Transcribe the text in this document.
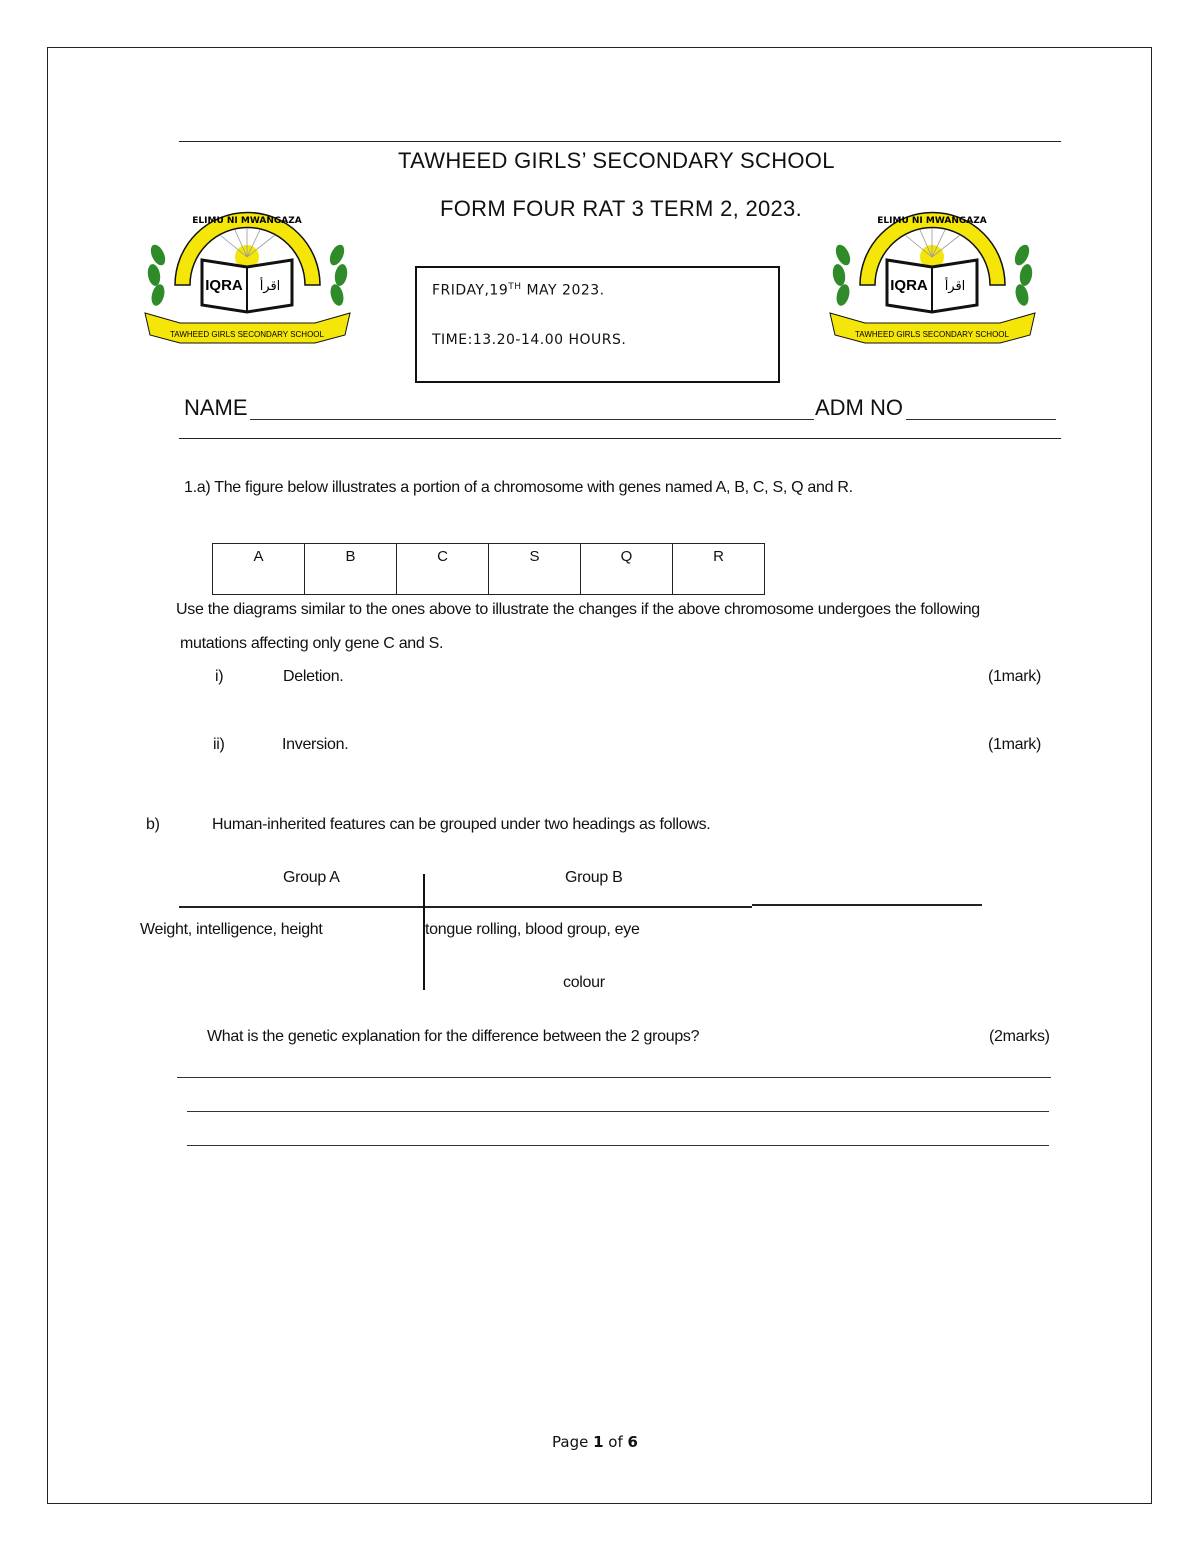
TAWHEED GIRLS’ SECONDARY SCHOOL
FORM FOUR RAT 3 TERM 2, 2023.
ELIMU NI MWANGAZA
IQRA اقرأ
TAWHEED GIRLS SECONDARY SCHOOL
ELIMU NI MWANGAZA
IQRA اقرأ
TAWHEED GIRLS SECONDARY SCHOOL
FRIDAY,19TH MAY 2023.
TIME:13.20-14.00 HOURS.
NAME	ADM NO
1.a) The figure below illustrates a portion of a chromosome with genes named A, B, C, S, Q and R.
A	B	C	S	Q	R
Use the diagrams similar to the ones above to illustrate the changes if the above chromosome undergoes the following
mutations affecting only gene C and S.
i)	Deletion.	(1mark)
ii)	Inversion.	(1mark)
b)	Human-inherited features can be grouped under two headings as follows.
Group A	Group B
Weight, intelligence, height	tongue rolling, blood group, eye
colour
What is the genetic explanation for the difference between the 2 groups?	(2marks)
Page 1 of 6
